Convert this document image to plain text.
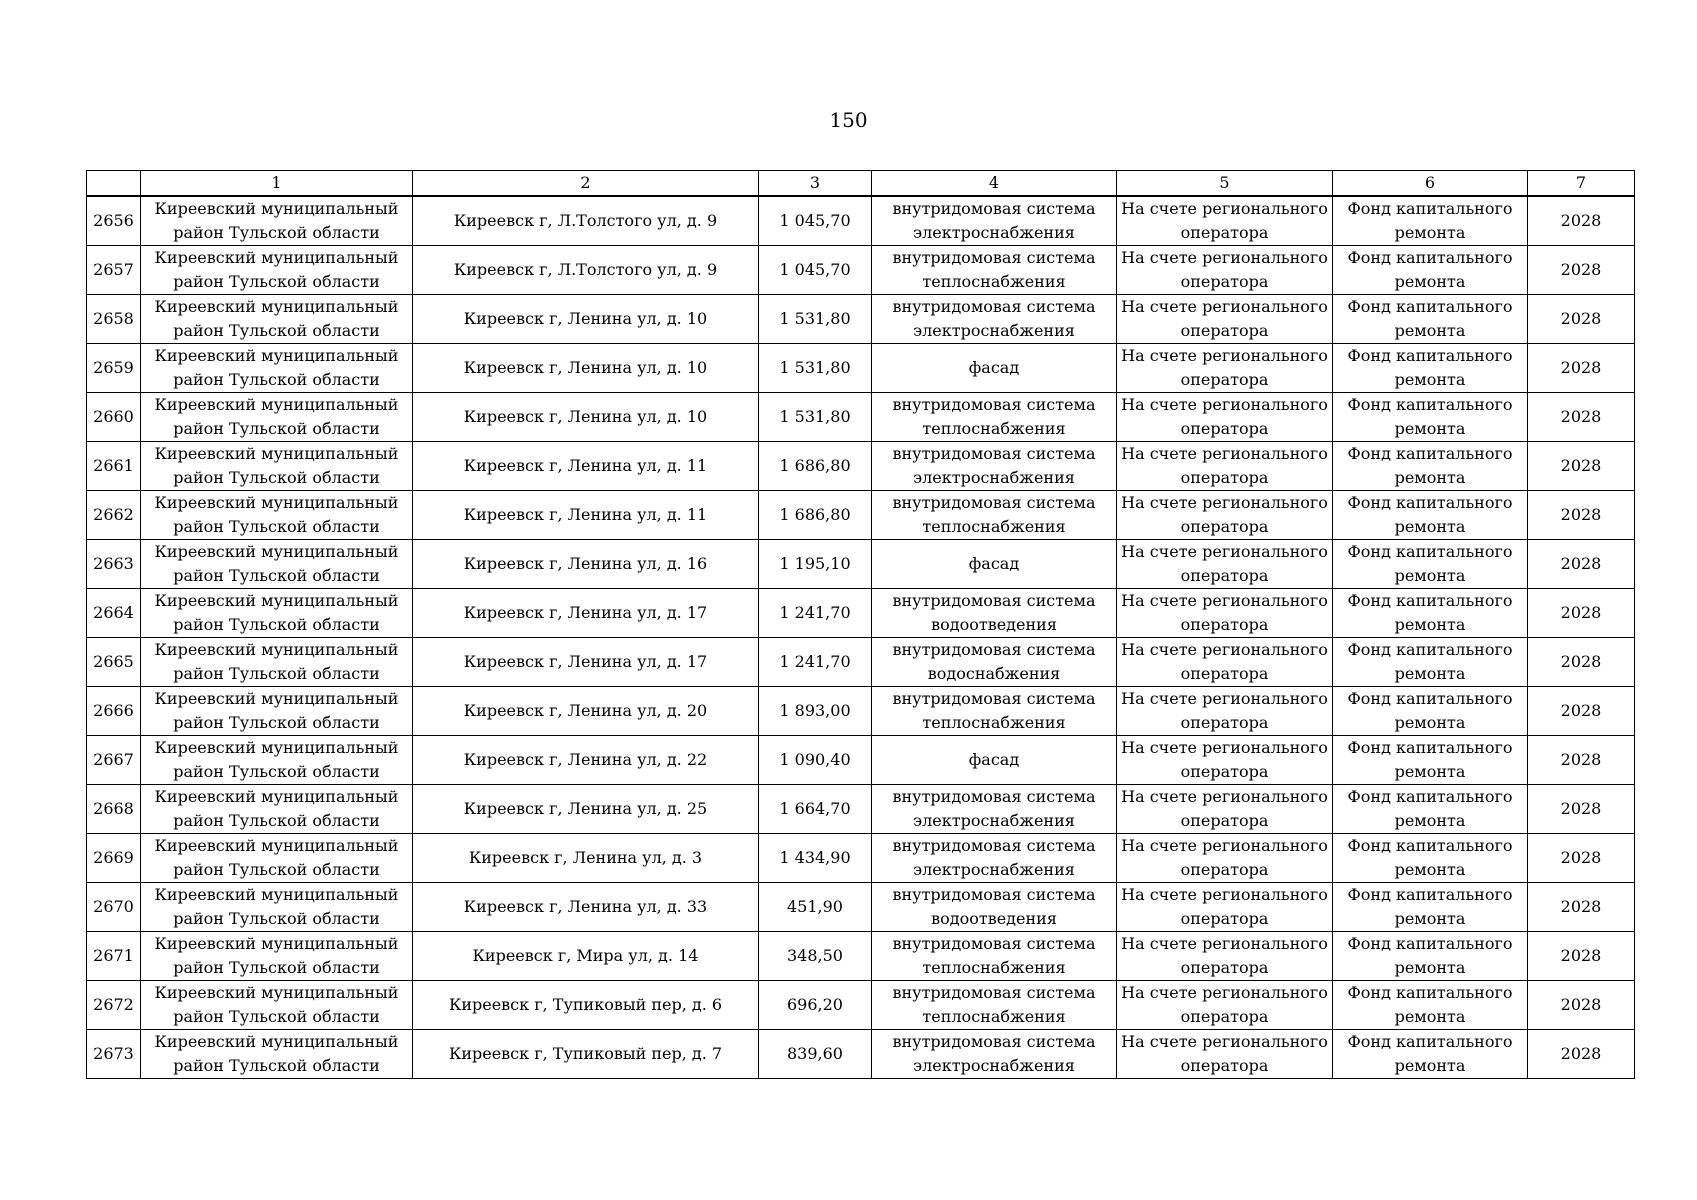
150
	1	2	3	4	5	6	7

2656	Киреевский муниципальный
район Тульской области	Киреевск г, Л.Толстого ул, д. 9	1 045,70	внутридомовая система
электроснабжения	На счете регионального
оператора	Фонд капитального
ремонта	2028

2657	Киреевский муниципальный
район Тульской области	Киреевск г, Л.Толстого ул, д. 9	1 045,70	внутридомовая система
теплоснабжения	На счете регионального
оператора	Фонд капитального
ремонта	2028

2658	Киреевский муниципальный
район Тульской области	Киреевск г, Ленина ул, д. 10	1 531,80	внутридомовая система
электроснабжения	На счете регионального
оператора	Фонд капитального
ремонта	2028

2659	Киреевский муниципальный
район Тульской области	Киреевск г, Ленина ул, д. 10	1 531,80	фасад	На счете регионального
оператора	Фонд капитального
ремонта	2028

2660	Киреевский муниципальный
район Тульской области	Киреевск г, Ленина ул, д. 10	1 531,80	внутридомовая система
теплоснабжения	На счете регионального
оператора	Фонд капитального
ремонта	2028

2661	Киреевский муниципальный
район Тульской области	Киреевск г, Ленина ул, д. 11	1 686,80	внутридомовая система
электроснабжения	На счете регионального
оператора	Фонд капитального
ремонта	2028

2662	Киреевский муниципальный
район Тульской области	Киреевск г, Ленина ул, д. 11	1 686,80	внутридомовая система
теплоснабжения	На счете регионального
оператора	Фонд капитального
ремонта	2028

2663	Киреевский муниципальный
район Тульской области	Киреевск г, Ленина ул, д. 16	1 195,10	фасад	На счете регионального
оператора	Фонд капитального
ремонта	2028

2664	Киреевский муниципальный
район Тульской области	Киреевск г, Ленина ул, д. 17	1 241,70	внутридомовая система
водоотведения	На счете регионального
оператора	Фонд капитального
ремонта	2028

2665	Киреевский муниципальный
район Тульской области	Киреевск г, Ленина ул, д. 17	1 241,70	внутридомовая система
водоснабжения	На счете регионального
оператора	Фонд капитального
ремонта	2028

2666	Киреевский муниципальный
район Тульской области	Киреевск г, Ленина ул, д. 20	1 893,00	внутридомовая система
теплоснабжения	На счете регионального
оператора	Фонд капитального
ремонта	2028

2667	Киреевский муниципальный
район Тульской области	Киреевск г, Ленина ул, д. 22	1 090,40	фасад	На счете регионального
оператора	Фонд капитального
ремонта	2028

2668	Киреевский муниципальный
район Тульской области	Киреевск г, Ленина ул, д. 25	1 664,70	внутридомовая система
электроснабжения	На счете регионального
оператора	Фонд капитального
ремонта	2028

2669	Киреевский муниципальный
район Тульской области	Киреевск г, Ленина ул, д. 3	1 434,90	внутридомовая система
электроснабжения	На счете регионального
оператора	Фонд капитального
ремонта	2028

2670	Киреевский муниципальный
район Тульской области	Киреевск г, Ленина ул, д. 33	451,90	внутридомовая система
водоотведения	На счете регионального
оператора	Фонд капитального
ремонта	2028

2671	Киреевский муниципальный
район Тульской области	Киреевск г, Мира ул, д. 14	348,50	внутридомовая система
теплоснабжения	На счете регионального
оператора	Фонд капитального
ремонта	2028

2672	Киреевский муниципальный
район Тульской области	Киреевск г, Тупиковый пер, д. 6	696,20	внутридомовая система
теплоснабжения	На счете регионального
оператора	Фонд капитального
ремонта	2028

2673	Киреевский муниципальный
район Тульской области	Киреевск г, Тупиковый пер, д. 7	839,60	внутридомовая система
электроснабжения	На счете регионального
оператора	Фонд капитального
ремонта	2028
